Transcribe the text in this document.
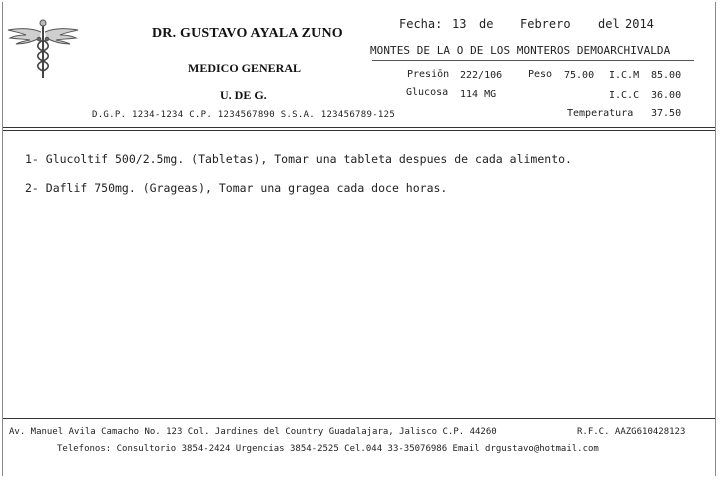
DR. GUSTAVO AYALA ZUNO
MEDICO GENERAL
U. DE G.
D.G.P. 1234-1234 C.P. 1234567890 S.S.A. 123456789-125
Fecha: 13 de Febrero del 2014
MONTES DE LA O DE LOS MONTEROS DEMOARCHIVALDA
Presiōn 222/106	Peso 75.00 I.C.M 85.00
Glucosa 114 MG	I.C.C 36.00
Temperatura 37.50
1- Glucoltif 500/2.5mg. (Tabletas), Tomar una tableta despues de cada alimento.
2- Daflif 750mg. (Grageas), Tomar una gragea cada doce horas.
Av. Manuel Avila Camacho No. 123 Col. Jardines del Country Guadalajara, Jalisco C.P. 44260	R.F.C. AAZG610428123
Telefonos: Consultorio 3854-2424 Urgencias 3854-2525 Cel.044 33-35076986 Email drgustavo@hotmail.com
